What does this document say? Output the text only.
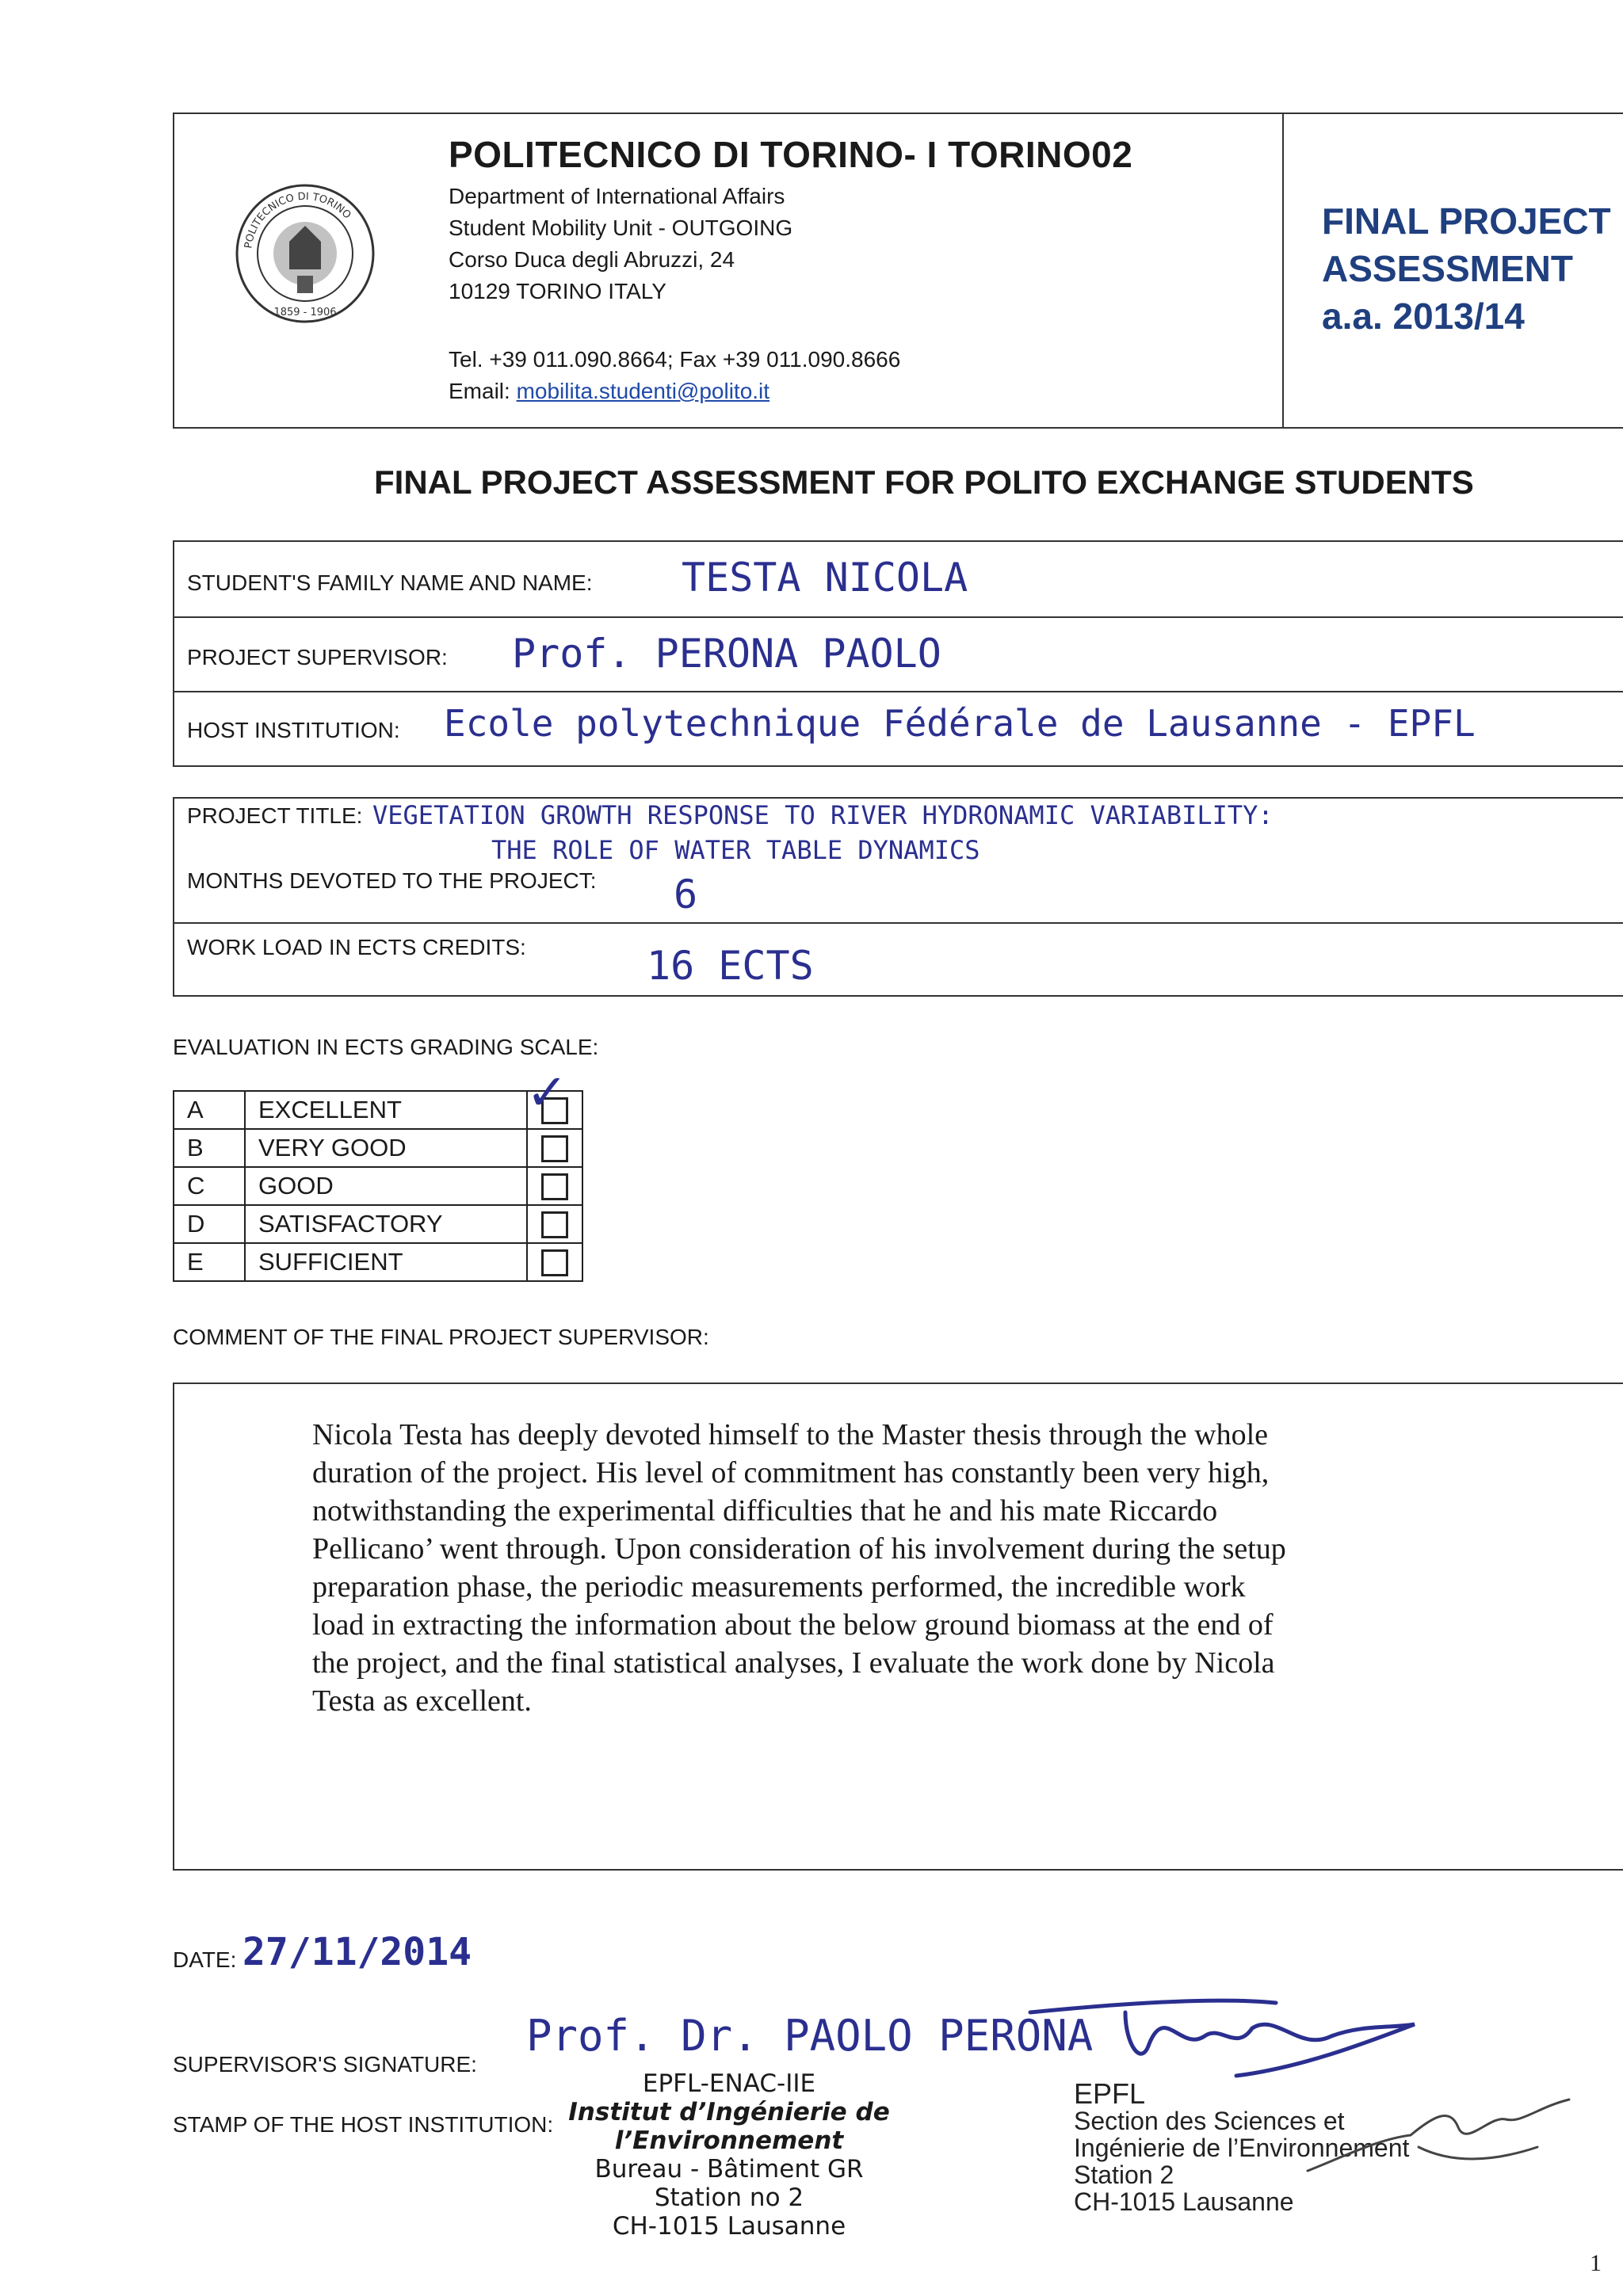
POLITECNICO DI TORINO
1859 - 1906
POLITECNICO DI TORINO- I TORINO02
Department of International Affairs
Student Mobility Unit - OUTGOING
Corso Duca degli Abruzzi, 24
10129 TORINO ITALY
Tel. +39 011.090.8664; Fax +39 011.090.8666
Email: mobilita.studenti@polito.it
FINAL PROJECT
ASSESSMENT
a.a. 2013/14
FINAL PROJECT ASSESSMENT FOR POLITO EXCHANGE STUDENTS
STUDENT'S FAMILY NAME AND NAME: TESTA NICOLA
PROJECT SUPERVISOR: Prof. PERONA PAOLO
HOST INSTITUTION: Ecole polytechnique Fédérale de Lausanne - EPFL
PROJECT TITLE: VEGETATION GROWTH RESPONSE TO RIVER HYDRONAMIC VARIABILITY:
THE ROLE OF WATER TABLE DYNAMICS
MONTHS DEVOTED TO THE PROJECT: 6
WORK LOAD IN ECTS CREDITS:	16 ECTS
EVALUATION IN ECTS GRADING SCALE:
A	EXCELLENT	
B	VERY GOOD	
C	GOOD	
D	SATISFACTORY	
E	SUFFICIENT	
✓
COMMENT OF THE FINAL PROJECT SUPERVISOR:
Nicola Testa has deeply devoted himself to the Master thesis through the whole
duration of the project. His level of commitment has constantly been very high,
notwithstanding the experimental difficulties that he and his mate Riccardo
Pellicano’ went through. Upon consideration of his involvement during the setup
preparation phase, the periodic measurements performed, the incredible work
load in extracting the information about the below ground biomass at the end of
the project, and the final statistical analyses, I evaluate the work done by Nicola
Testa as excellent.
DATE: 27/11/2014
SUPERVISOR'S SIGNATURE:
Prof. Dr. PAOLO PERONA
STAMP OF THE HOST INSTITUTION:
EPFL-ENAC-IIE
Institut d’Ingénierie de l’Environnement
Bureau - Bâtiment GR
Station no 2
CH-1015 Lausanne
EPFL
Section des Sciences et
Ingénierie de l’Environnement
Station 2
CH-1015 Lausanne
1
